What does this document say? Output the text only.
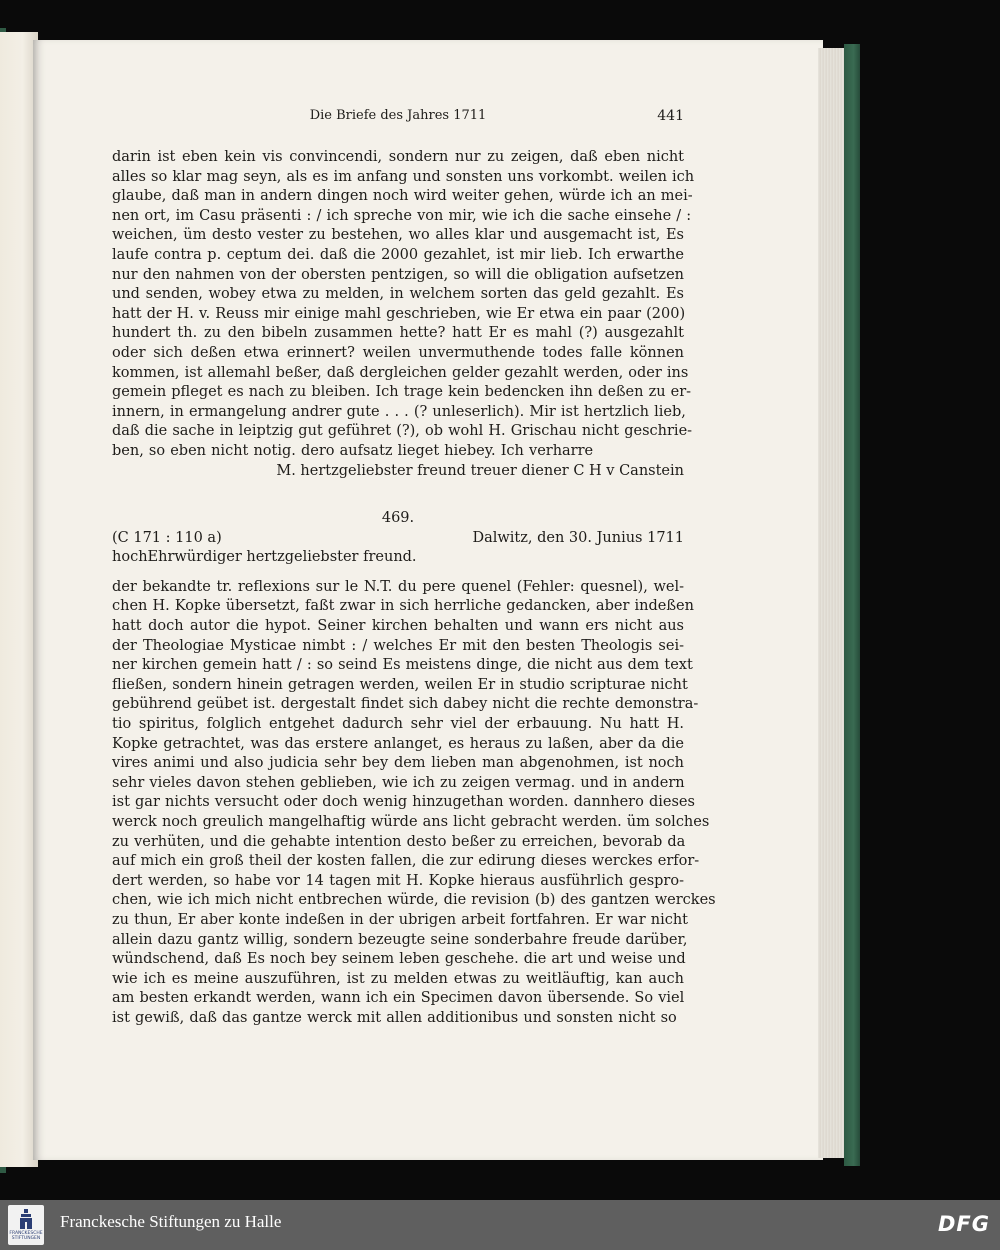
Die Briefe des Jahres 1711	441
darin ist eben kein vis convincendi, sondern nur zu zeigen, daß eben nicht
alles so klar mag seyn, als es im anfang und sonsten uns vorkombt. weilen ich
glaube, daß man in andern dingen noch wird weiter gehen, würde ich an mei-
nen ort, im Casu präsenti : / ich spreche von mir, wie ich die sache einsehe / :
weichen, üm desto vester zu bestehen, wo alles klar und ausgemacht ist, Es
laufe contra p. ceptum dei. daß die 2000 gezahlet, ist mir lieb. Ich erwarthe
nur den nahmen von der obersten pentzigen, so will die obligation aufsetzen
und senden, wobey etwa zu melden, in welchem sorten das geld gezahlt. Es
hatt der H. v. Reuss mir einige mahl geschrieben, wie Er etwa ein paar (200)
hundert th. zu den bibeln zusammen hette? hatt Er es mahl (?) ausgezahlt
oder sich deßen etwa erinnert? weilen unvermuthende todes falle können
kommen, ist allemahl beßer, daß dergleichen gelder gezahlt werden, oder ins
gemein pfleget es nach zu bleiben. Ich trage kein bedencken ihn deßen zu er-
innern, in ermangelung andrer gute . . . (? unleserlich). Mir ist hertzlich lieb,
daß die sache in leiptzig gut geführet (?), ob wohl H. Grischau nicht geschrie-
ben, so eben nicht notig. dero aufsatz lieget hiebey. Ich verharre
M. hertzgeliebster freund treuer diener C H v Canstein
469.
(C 171 : 110 a)	Dalwitz, den 30. Junius 1711
hochEhrwürdiger hertzgeliebster freund.
der bekandte tr. reflexions sur le N.T. du pere quenel (Fehler: quesnel), wel-
chen H. Kopke übersetzt, faßt zwar in sich herrliche gedancken, aber indeßen
hatt doch autor die hypot. Seiner kirchen behalten und wann ers nicht aus
der Theologiae Mysticae nimbt : / welches Er mit den besten Theologis sei-
ner kirchen gemein hatt / : so seind Es meistens dinge, die nicht aus dem text
fließen, sondern hinein getragen werden, weilen Er in studio scripturae nicht
gebührend geübet ist. dergestalt findet sich dabey nicht die rechte demonstra-
tio spiritus, folglich entgehet dadurch sehr viel der erbauung. Nu hatt H.
Kopke getrachtet, was das erstere anlanget, es heraus zu laßen, aber da die
vires animi und also judicia sehr bey dem lieben man abgenohmen, ist noch
sehr vieles davon stehen geblieben, wie ich zu zeigen vermag. und in andern
ist gar nichts versucht oder doch wenig hinzugethan worden. dannhero dieses
werck noch greulich mangelhaftig würde ans licht gebracht werden. üm solches
zu verhüten, und die gehabte intention desto beßer zu erreichen, bevorab da
auf mich ein groß theil der kosten fallen, die zur edirung dieses werckes erfor-
dert werden, so habe vor 14 tagen mit H. Kopke hieraus ausführlich gespro-
chen, wie ich mich nicht entbrechen würde, die revision (b) des gantzen werckes
zu thun, Er aber konte indeßen in der ubrigen arbeit fortfahren. Er war nicht
allein dazu gantz willig, sondern bezeugte seine sonderbahre freude darüber,
wündschend, daß Es noch bey seinem leben geschehe. die art und weise und
wie ich es meine auszuführen, ist zu melden etwas zu weitläuftig, kan auch
am besten erkandt werden, wann ich ein Specimen davon übersende. So viel
ist gewiß, daß das gantze werck mit allen additionibus und sonsten nicht so
FRANCKESCHE STIFTUNGEN
Franckesche Stiftungen zu Halle	DFG
